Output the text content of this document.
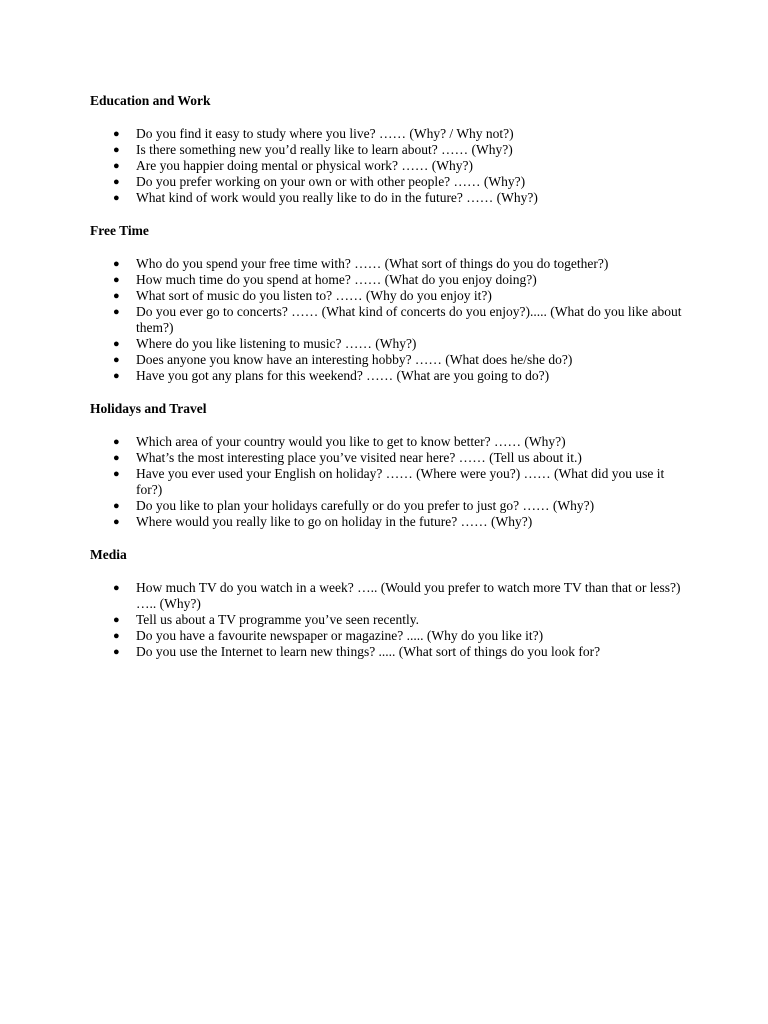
Education and Work
● Do you find it easy to study where you live? …… (Why? / Why not?)
● Is there something new you’d really like to learn about? …… (Why?)
● Are you happier doing mental or physical work? …… (Why?)
● Do you prefer working on your own or with other people? …… (Why?)
● What kind of work would you really like to do in the future? …… (Why?)
Free Time
● Who do you spend your free time with? …… (What sort of things do you do together?)
● How much time do you spend at home? …… (What do you enjoy doing?)
● What sort of music do you listen to? …… (Why do you enjoy it?)
● Do you ever go to concerts? …… (What kind of concerts do you enjoy?)..... (What do you like about them?)
● Where do you like listening to music? …… (Why?)
● Does anyone you know have an interesting hobby? …… (What does he/she do?)
● Have you got any plans for this weekend? …… (What are you going to do?)
Holidays and Travel
● Which area of your country would you like to get to know better? …… (Why?)
● What’s the most interesting place you’ve visited near here? …… (Tell us about it.)
● Have you ever used your English on holiday? …… (Where were you?) …… (What did you use it for?)
● Do you like to plan your holidays carefully or do you prefer to just go? …… (Why?)
● Where would you really like to go on holiday in the future? …… (Why?)
Media
● How much TV do you watch in a week? ….. (Would you prefer to watch more TV than that or less?) ….. (Why?)
● Tell us about a TV programme you’ve seen recently.
● Do you have a favourite newspaper or magazine? ..... (Why do you like it?)
● Do you use the Internet to learn new things? ..... (What sort of things do you look for?
